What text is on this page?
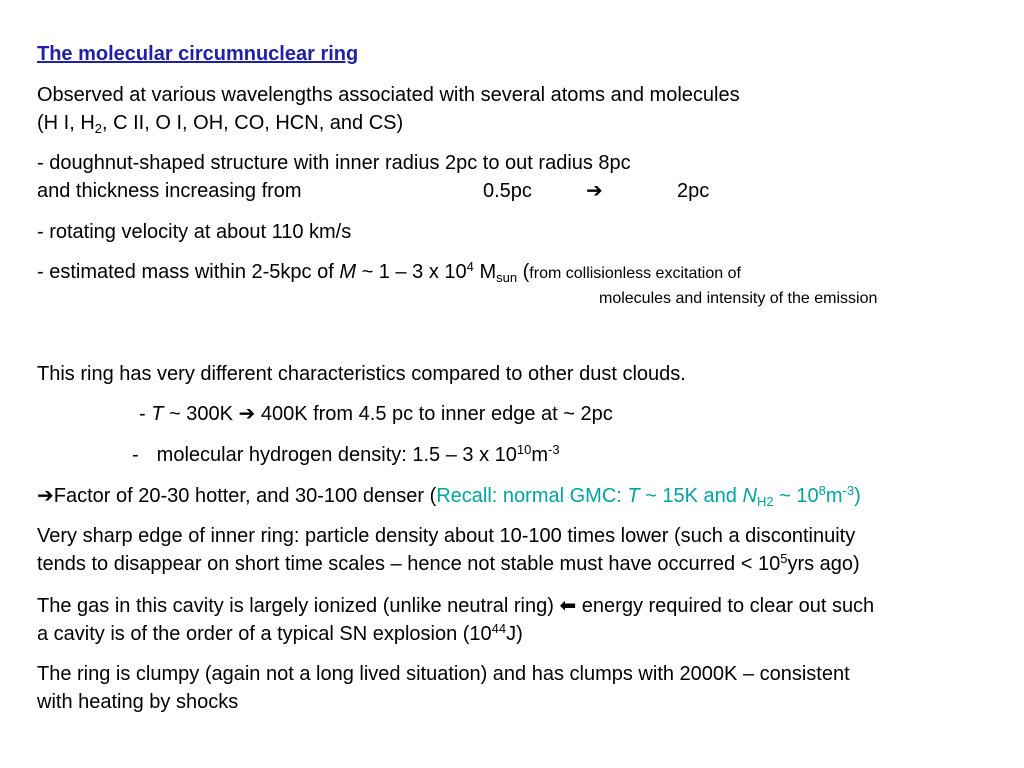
The molecular circumnuclear ring
Observed at various wavelengths associated with several atoms and molecules
(H I, $H_2$, C II, O I, OH, CO, HCN, and CS)
- doughnut-shaped structure with inner radius 2pc to out radius 8pc
and thickness increasing from	0.5pc	➔	2pc
- rotating velocity at about 110 km/s
- estimated mass within 2-5kpc of M ~ 1 – 3 x $10^4$ $M_{sun}$ (from collisionless excitation of
molecules and intensity of the emission
This ring has very different characteristics compared to other dust clouds.
- T ~ 300K ➔ 400K from 4.5 pc to inner edge at ~ 2pc
- molecular hydrogen density: 1.5 – 3 x $10^{10}m^{-3}$
➔Factor of 20-30 hotter, and 30-100 denser (Recall: normal GMC: T ~ 15K and $N_{H2}$ ~ $10^8m^{-3}$)
Very sharp edge of inner ring: particle density about 10-100 times lower (such a discontinuity
tends to disappear on short time scales – hence not stable must have occurred < $10^5yrs$ ago)
The gas in this cavity is largely ionized (unlike neutral ring) ⬅ energy required to clear out such
a cavity is of the order of a typical SN explosion $(10^{44}J)$
The ring is clumpy (again not a long lived situation) and has clumps with 2000K – consistent
with heating by shocks
